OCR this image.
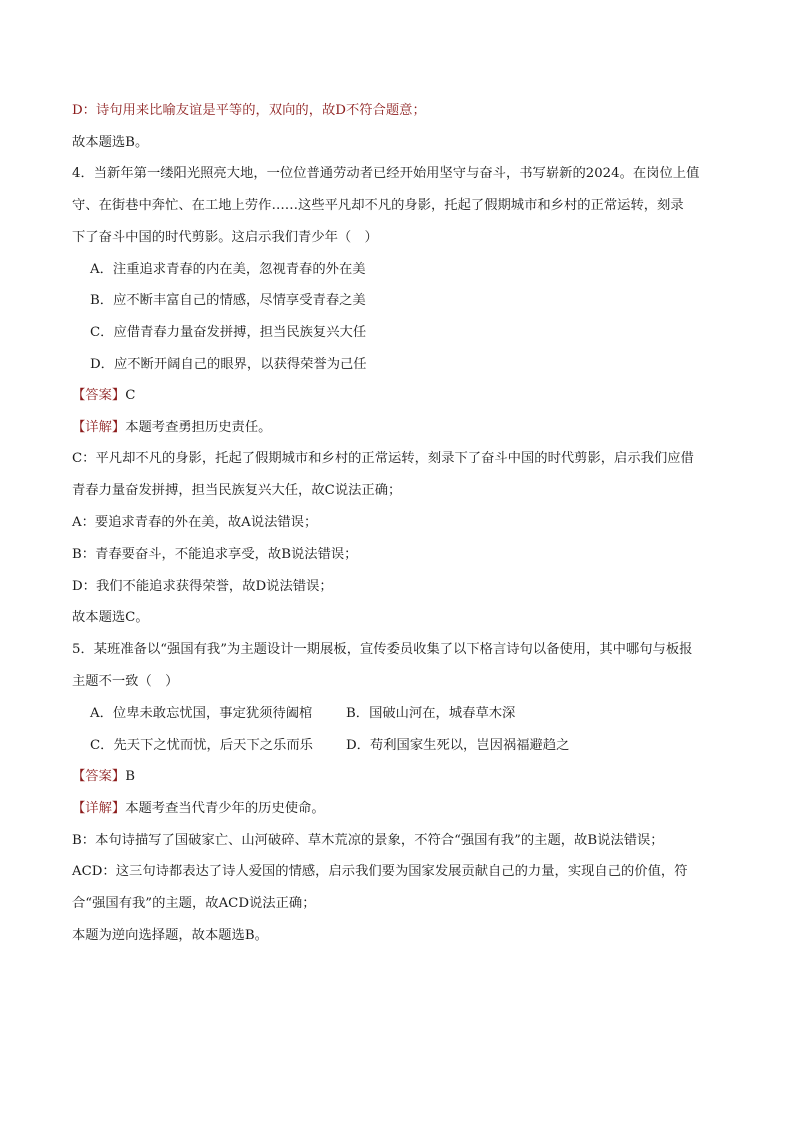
D：诗句用来比喻友谊是平等的，双向的，故D不符合题意；
故本题选B。
4．当新年第一缕阳光照亮大地，一位位普通劳动者已经开始用坚守与奋斗，书写崭新的2024。在岗位上值
守、在街巷中奔忙、在工地上劳作……这些平凡却不凡的身影，托起了假期城市和乡村的正常运转，刻录
下了奋斗中国的时代剪影。这启示我们青少年（　）
A．注重追求青春的内在美，忽视青春的外在美
B．应不断丰富自己的情感，尽情享受青春之美
C．应借青春力量奋发拼搏，担当民族复兴大任
D．应不断开阔自己的眼界，以获得荣誉为己任
【答案】C
【详解】本题考查勇担历史责任。
C：平凡却不凡的身影，托起了假期城市和乡村的正常运转，刻录下了奋斗中国的时代剪影，启示我们应借
青春力量奋发拼搏，担当民族复兴大任，故C说法正确；
A：要追求青春的外在美，故A说法错误；
B：青春要奋斗，不能追求享受，故B说法错误；
D：我们不能追求获得荣誉，故D说法错误；
故本题选C。
5．某班准备以“强国有我”为主题设计一期展板，宣传委员收集了以下格言诗句以备使用，其中哪句与板报
主题不一致（　）
A．位卑未敢忘忧国，事定犹须待阖棺	B．国破山河在，城春草木深
C．先天下之忧而忧，后天下之乐而乐 D．苟利国家生死以，岂因祸福避趋之
【答案】B
【详解】本题考查当代青少年的历史使命。
B：本句诗描写了国破家亡、山河破碎、草木荒凉的景象，不符合“强国有我”的主题，故B说法错误；
ACD：这三句诗都表达了诗人爱国的情感，启示我们要为国家发展贡献自己的力量，实现自己的价值，符
合“强国有我”的主题，故ACD说法正确；
本题为逆向选择题，故本题选B。
